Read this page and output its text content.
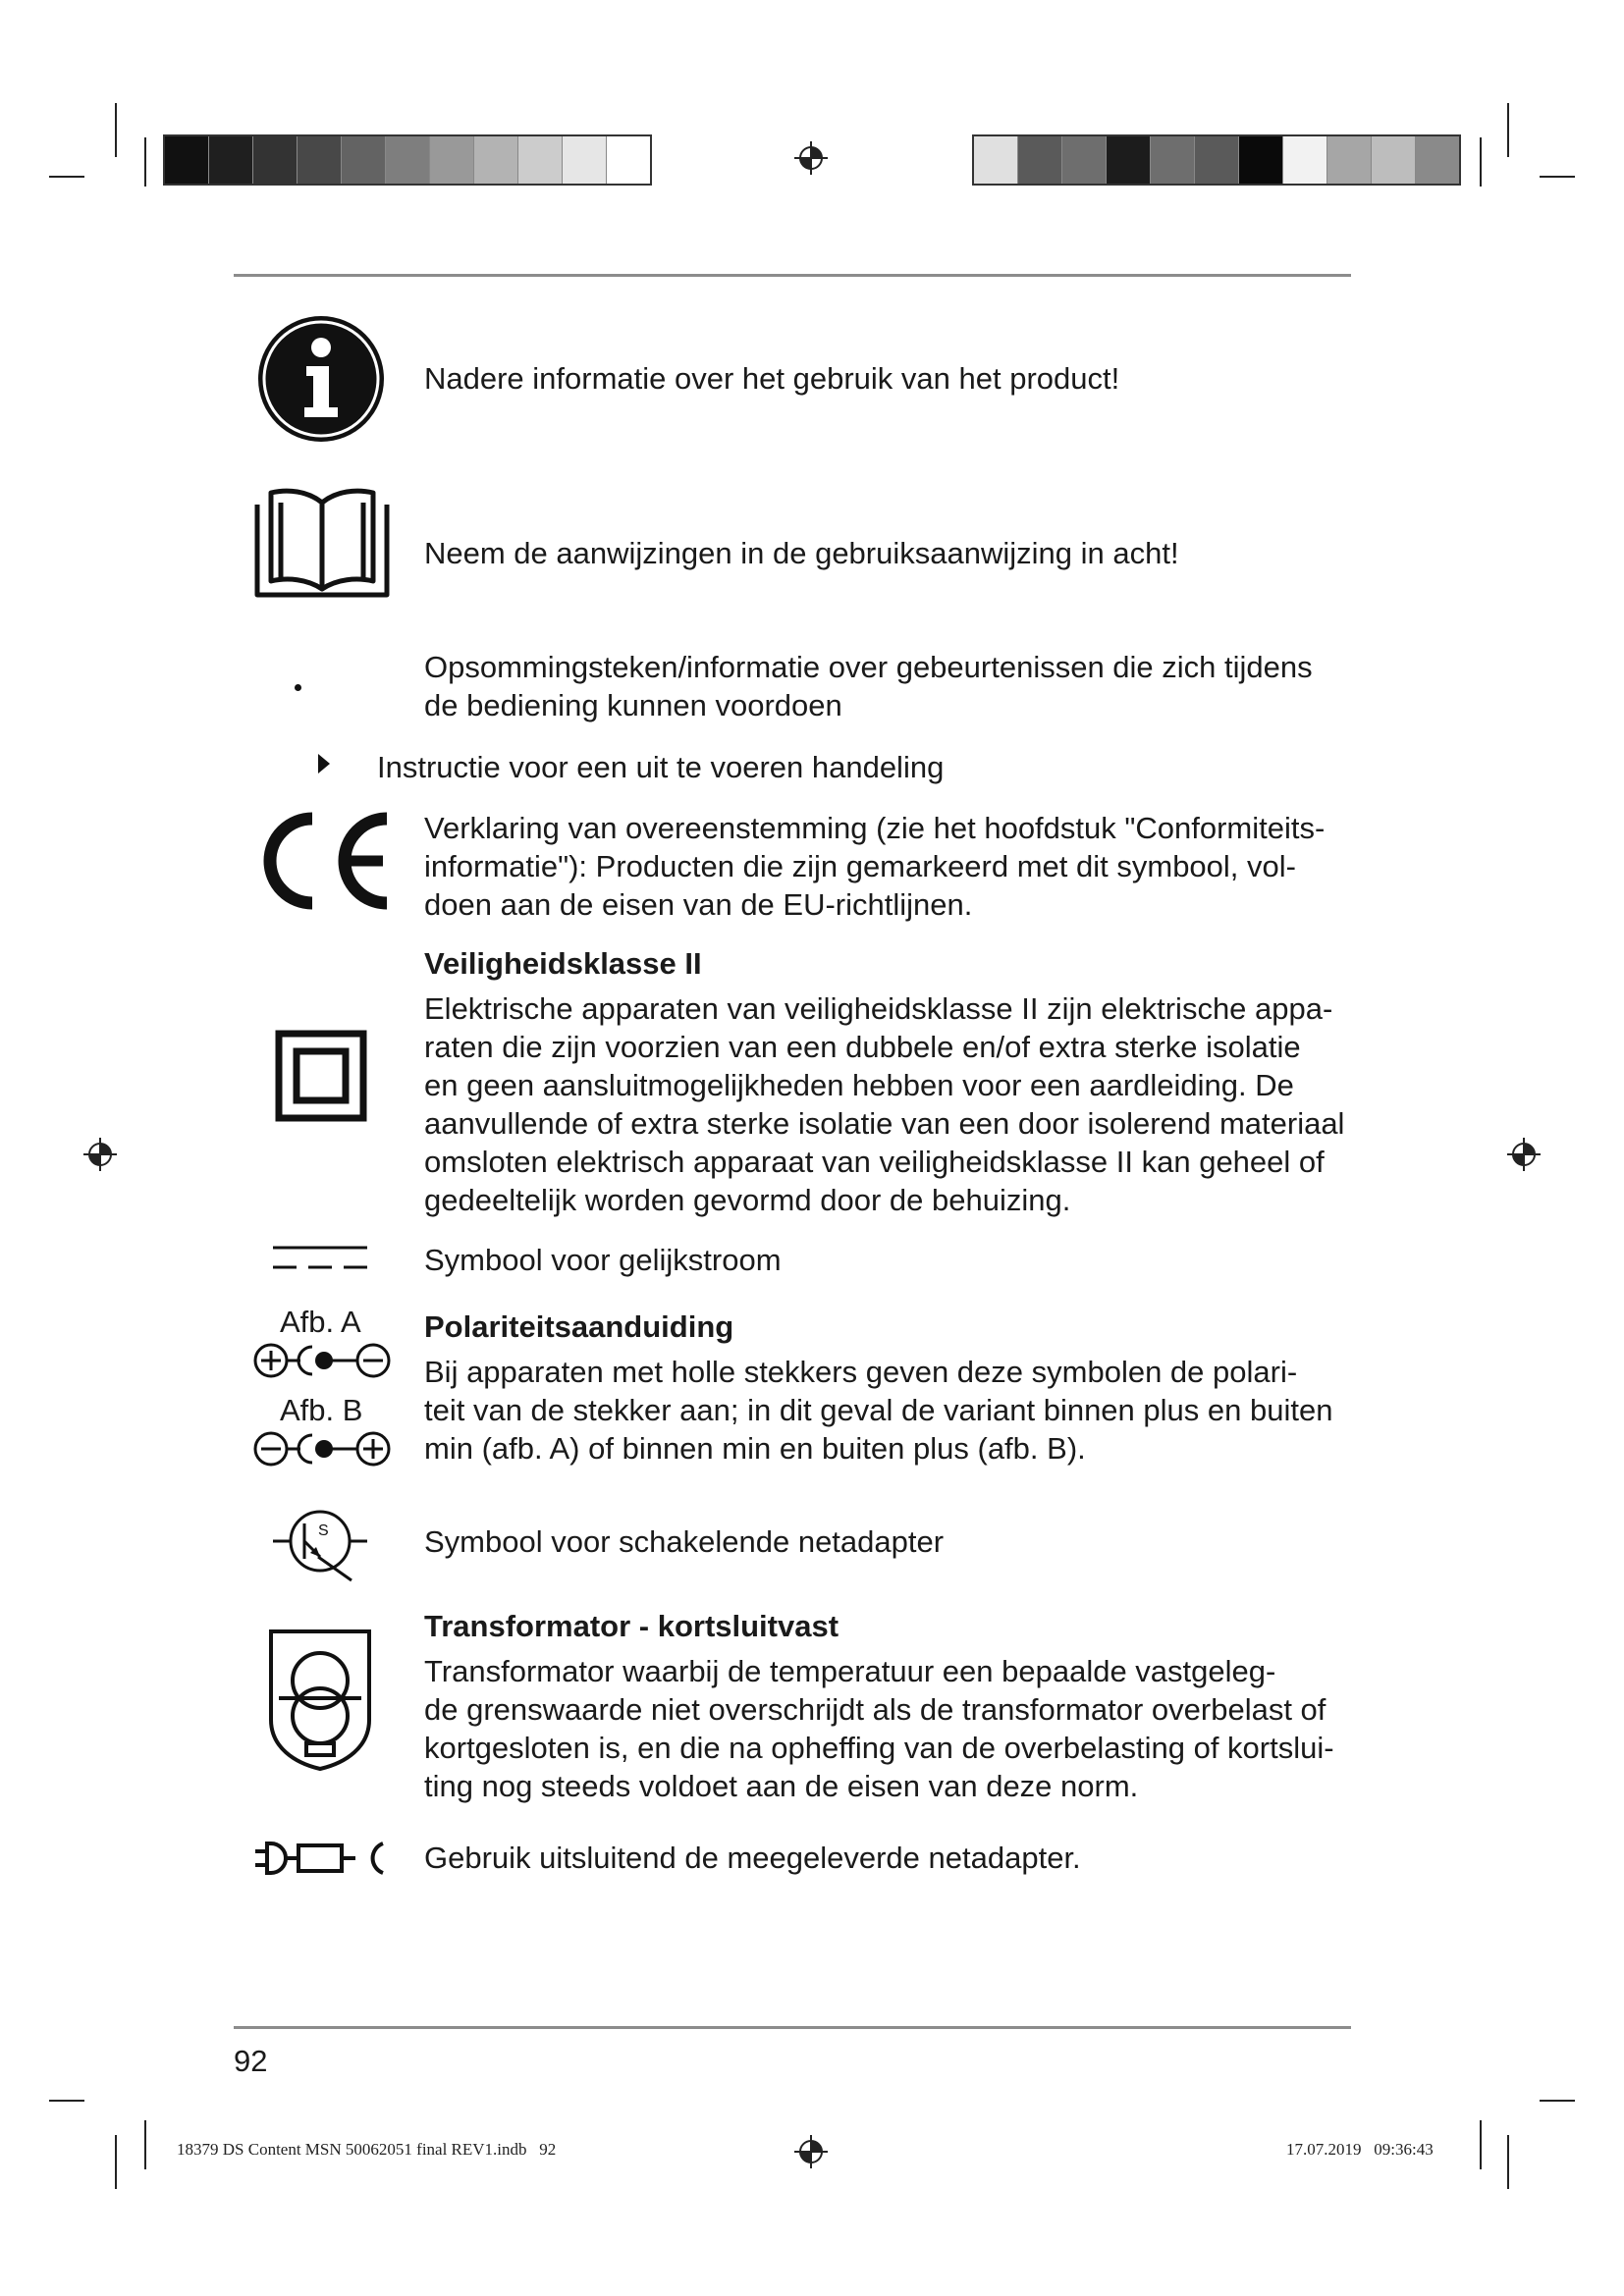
Nadere informatie over het gebruik van het product!
Neem de aanwijzingen in de gebruiksaanwijzing in acht!
Opsommingsteken/informatie over gebeurtenissen die zich tijdens
de bediening kunnen voordoen
Instructie voor een uit te voeren handeling
Verklaring van overeenstemming (zie het hoofdstuk "Conformiteits-
informatie"): Producten die zijn gemarkeerd met dit symbool, vol-
doen aan de eisen van de EU-richtlijnen.
Veiligheidsklasse II
Elektrische apparaten van veiligheidsklasse II zijn elektrische appa-
raten die zijn voorzien van een dubbele en/of extra sterke isolatie
en geen aansluitmogelijkheden hebben voor een aardleiding. De
aanvullende of extra sterke isolatie van een door isolerend materiaal
omsloten elektrisch apparaat van veiligheidsklasse II kan geheel of
gedeeltelijk worden gevormd door de behuizing.
Symbool voor gelijkstroom
Afb. A
Afb. B
Polariteitsaanduiding
Bij apparaten met holle stekkers geven deze symbolen de polari-
teit van de stekker aan; in dit geval de variant binnen plus en buiten
min (afb. A) of binnen min en buiten plus (afb. B).
S	Symbool voor schakelende netadapter
Transformator - kortsluitvast
Transformator waarbij de temperatuur een bepaalde vastgeleg-
de grenswaarde niet overschrijdt als de transformator overbelast of
kortgesloten is, en die na opheffing van de overbelasting of kortslui-
ting nog steeds voldoet aan de eisen van deze norm.
Gebruik uitsluitend de meegeleverde netadapter.
92
18379 DS Content MSN 50062051 final REV1.indb   92	17.07.2019   09:36:43
